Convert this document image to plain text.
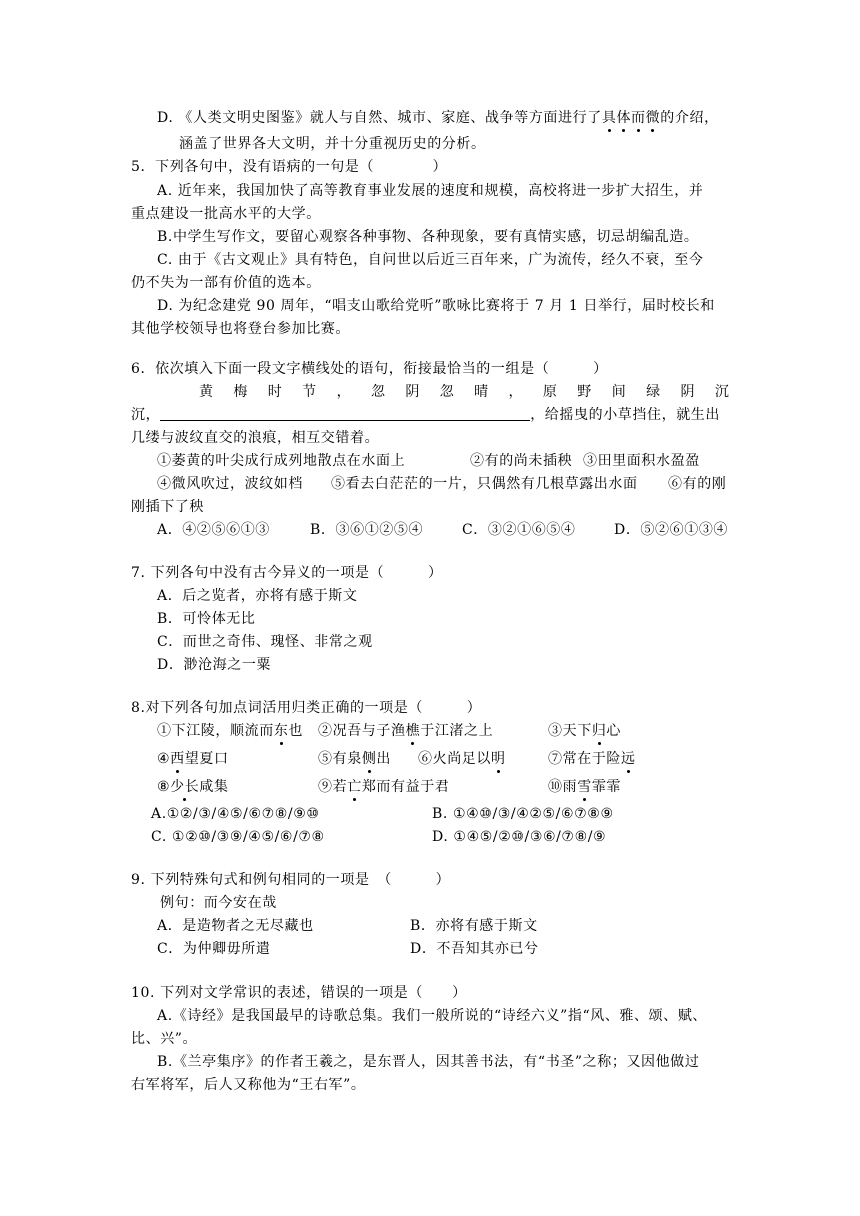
D. 《人类文明史图鉴》就人与自然、城市、家庭、战争等方面进行了具体而微的介绍，
涵盖了世界各大文明，并十分重视历史的分析。
5．下列各句中，没有语病的一句是（　　　　）
A. 近年来，我国加快了高等教育事业发展的速度和规模，高校将进一步扩大招生，并
重点建设一批高水平的大学。
B.中学生写作文，要留心观察各种事物、各种现象，要有真情实感，切忌胡编乱造。
C. 由于《古文观止》具有特色，自问世以后近三百年来，广为流传，经久不衰，至今
仍不失为一部有价值的选本。
D. 为纪念建党 90 周年，“唱支山歌给党听”歌咏比赛将于 7 月 1 日举行，届时校长和
其他学校领导也将登台参加比赛。
6．依次填入下面一段文字横线处的语句，衔接最恰当的一组是（　　　）
黄 梅 时 节 ， 忽 阴 忽 晴 ， 原 野 间 绿 阴 沉
沉，	，给摇曳的小草挡住，就生出
几缕与波纹直交的浪痕，相互交错着。
①萎黄的叶尖成行成列地散点在水面上	②有的尚未插秧 ③田里面积水盈盈
④微风吹过，波纹如档 ⑤看去白茫茫的一片，只偶然有几根草露出水面 ⑥有的刚
刚插下了秧
A．④②⑤⑥①③	B．③⑥①②⑤④	C．③②①⑥⑤④	D．⑤②⑥①③④
7. 下列各句中没有古今异义的一项是（　　　）
A．后之览者，亦将有感于斯文
B．可怜体无比
C．而世之奇伟、瑰怪、非常之观
D．渺沧海之一粟
8.对下列各句加点词活用归类正确的一项是（　　　）
①下江陵，顺流而东也 ②况吾与子渔樵于江渚之上	③天下归心
④西望夏口	⑤有泉侧出 ⑥火尚足以明	⑦常在于险远
⑧少长咸集	⑨若亡郑而有益于君	⑩雨雪霏霏
A.①②/③/④⑤/⑥⑦⑧/⑨⑩	B. ①④⑩/③/④②⑤/⑥⑦⑧⑨
C. ①②⑩/③⑨/④⑤/⑥/⑦⑧	D. ①④⑤/②⑩/③⑥/⑦⑧/⑨
9. 下列特殊句式和例句相同的一项是　（　　　）
例句：而今安在哉
A．是造物者之无尽藏也	B．亦将有感于斯文
C．为仲卿毋所遣	D．不吾知其亦已兮
10. 下列对文学常识的表述，错误的一项是（　　）
A.《诗经》是我国最早的诗歌总集。我们一般所说的“诗经六义”指“风、雅、颂、赋、
比、兴”。
B.《兰亭集序》的作者王羲之，是东晋人，因其善书法，有“书圣”之称；又因他做过
右军将军，后人又称他为“王右军”。
